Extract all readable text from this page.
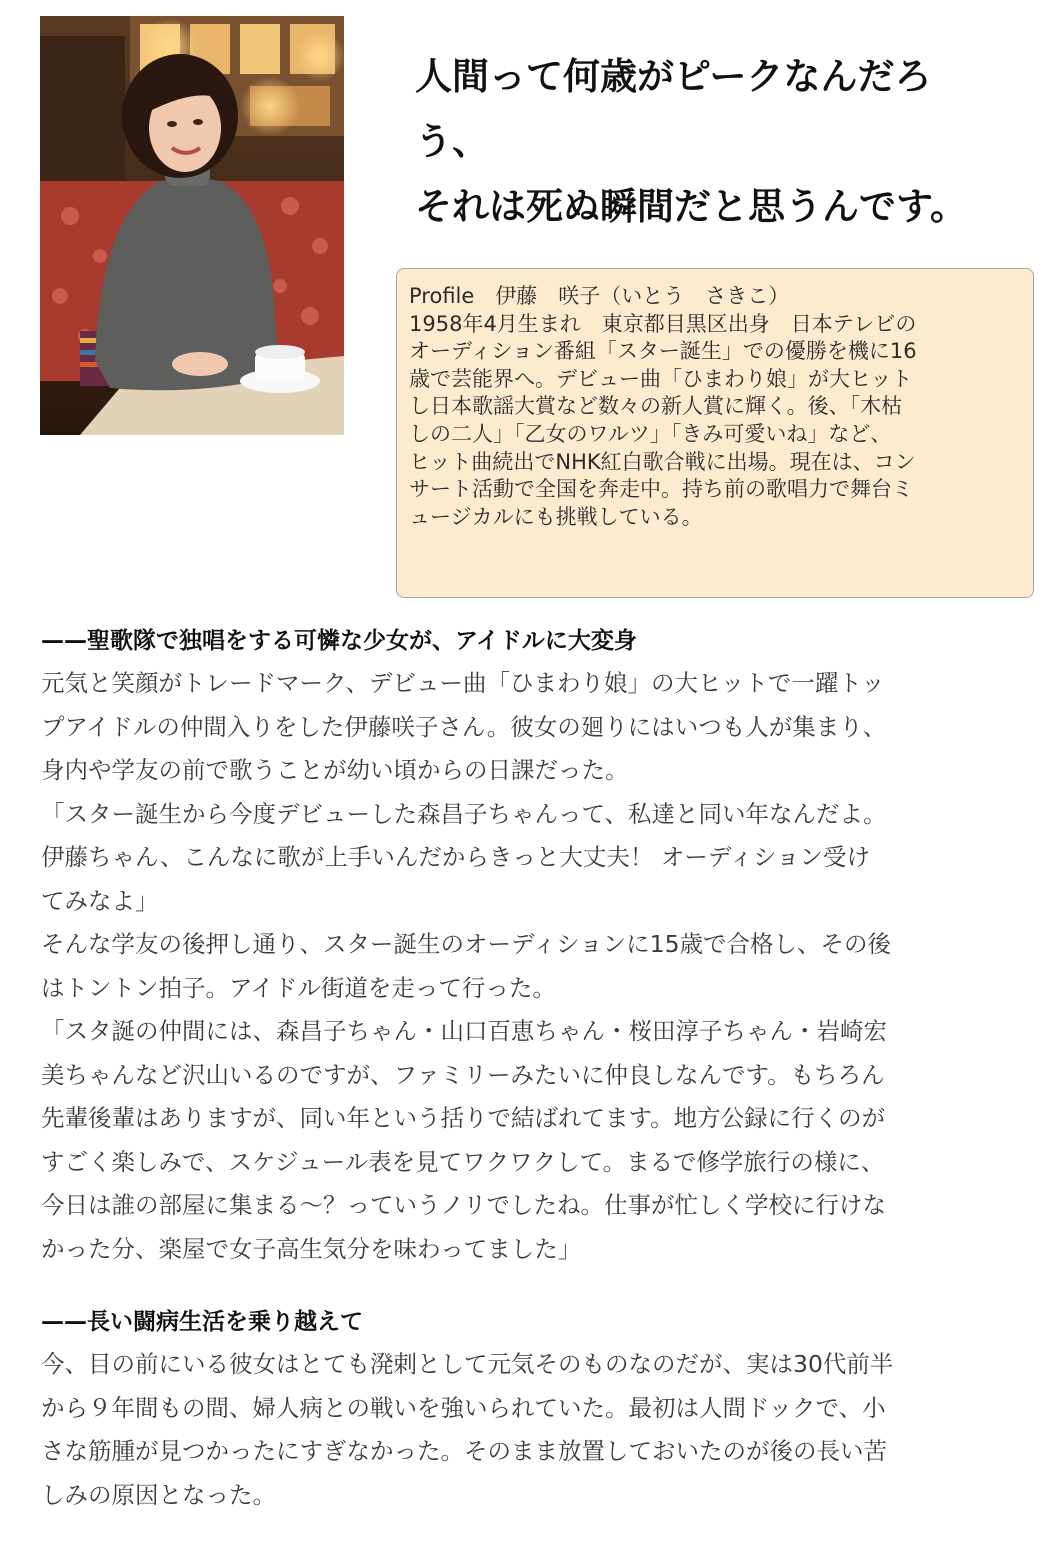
人間って何歳がピークなんだろ
う、
それは死ぬ瞬間だと思うんです。

Profile　伊藤　咲子（いとう　さきこ）
1958年4月生まれ　東京都目黒区出身　日本テレビの
オーディション番組「スター誕生」での優勝を機に16
歳で芸能界へ。デビュー曲「ひまわり娘」が大ヒット
し日本歌謡大賞など数々の新人賞に輝く。後、「木枯
しの二人」「乙女のワルツ」「きみ可愛いね」など、
ヒット曲続出でNHK紅白歌合戦に出場。現在は、コン
サート活動で全国を奔走中。持ち前の歌唱力で舞台ミ
ュージカルにも挑戦している。

——聖歌隊で独唱をする可憐な少女が、アイドルに大変身

元気と笑顔がトレードマーク、デビュー曲「ひまわり娘」の大ヒットで一躍トッ
プアイドルの仲間入りをした伊藤咲子さん。彼女の廻りにはいつも人が集まり、
身内や学友の前で歌うことが幼い頃からの日課だった。
「スター誕生から今度デビューした森昌子ちゃんって、私達と同い年なんだよ。
伊藤ちゃん、こんなに歌が上手いんだからきっと大丈夫！ オーディション受け
てみなよ」
そんな学友の後押し通り、スター誕生のオーディションに15歳で合格し、その後
はトントン拍子。アイドル街道を走って行った。
「スタ誕の仲間には、森昌子ちゃん・山口百恵ちゃん・桜田淳子ちゃん・岩崎宏
美ちゃんなど沢山いるのですが、ファミリーみたいに仲良しなんです。もちろん
先輩後輩はありますが、同い年という括りで結ばれてます。地方公録に行くのが
すごく楽しみで、スケジュール表を見てワクワクして。まるで修学旅行の様に、
今日は誰の部屋に集まる～？っていうノリでしたね。仕事が忙しく学校に行けな
かった分、楽屋で女子高生気分を味わってました」

——長い闘病生活を乗り越えて

今、目の前にいる彼女はとても溌剌として元気そのものなのだが、実は30代前半
から９年間もの間、婦人病との戦いを強いられていた。最初は人間ドックで、小
さな筋腫が見つかったにすぎなかった。そのまま放置しておいたのが後の長い苦
しみの原因となった。
